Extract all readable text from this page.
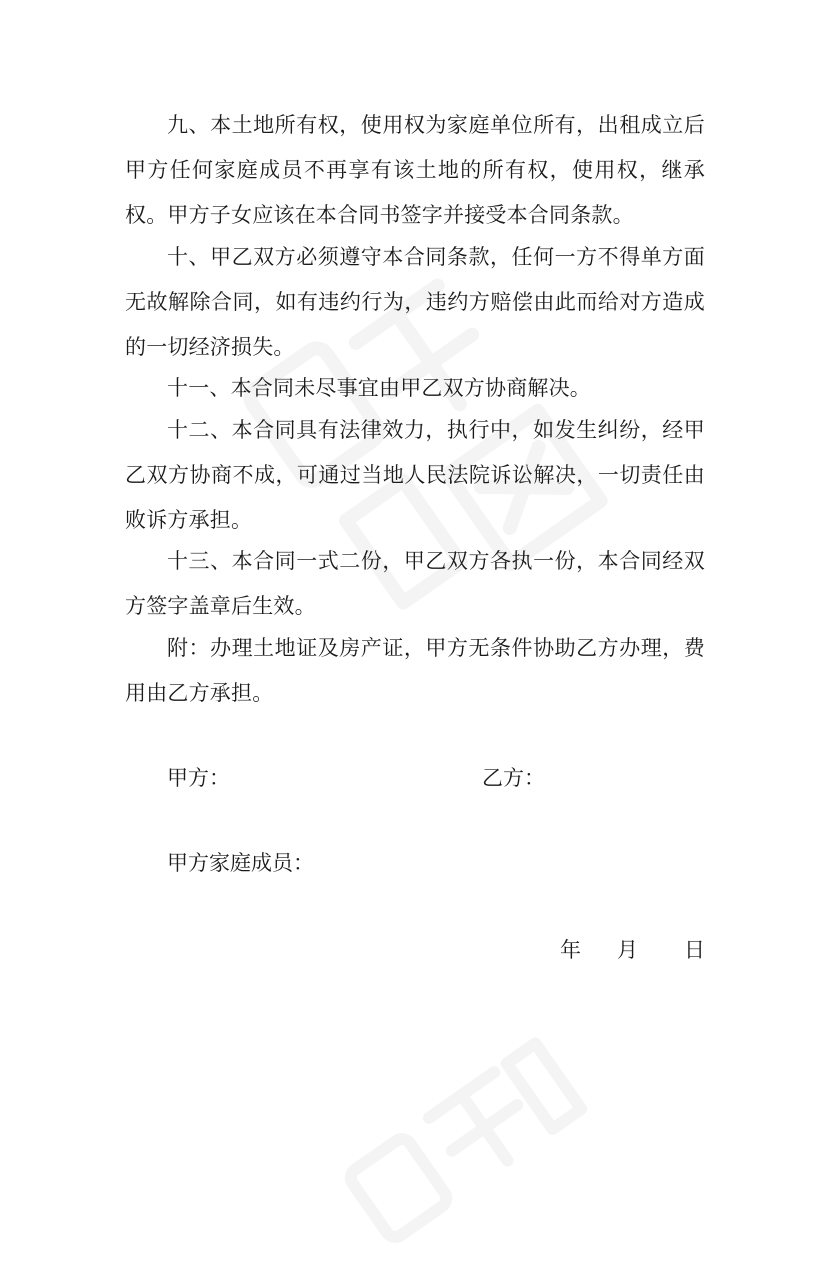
九、本土地所有权，使用权为家庭单位所有，出租成立后甲方任何家庭成员不再享有该土地的所有权，使用权，继承权。甲方子女应该在本合同书签字并接受本合同条款。

十、甲乙双方必须遵守本合同条款，任何一方不得单方面无故解除合同，如有违约行为，违约方赔偿由此而给对方造成的一切经济损失。

十一、本合同未尽事宜由甲乙双方协商解决。

十二、本合同具有法律效力，执行中，如发生纠纷，经甲乙双方协商不成，可通过当地人民法院诉讼解决，一切责任由败诉方承担。

十三、本合同一式二份，甲乙双方各执一份，本合同经双方签字盖章后生效。

附：办理土地证及房产证，甲方无条件协助乙方办理，费用由乙方承担。

甲方：	乙方：

甲方家庭成员：

年 月 日
